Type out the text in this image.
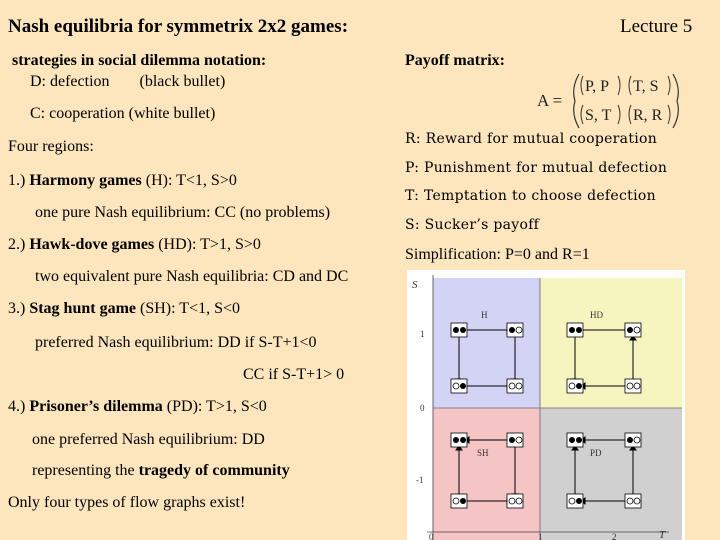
Nash equilibria for symmetrix 2x2 games:	Lecture 5
strategies in social dilemma notation:
D: defection (black bullet)
C: cooperation (white bullet)
Four regions:
1.) Harmony games (H): T<1, S>0
one pure Nash equilibrium: CC (no problems)
2.) Hawk-dove games (HD): T>1, S>0
two equivalent pure Nash equilibria: CD and DC
3.) Stag hunt game (SH): T<1, S<0
preferred Nash equilibrium: DD if S-T+1<0
CC if S-T+1> 0
4.) Prisoner’s dilemma (PD): T>1, S<0
one preferred Nash equilibrium: DD
representing the tragedy of community
Only four types of flow graphs exist!
Payoff matrix:
A =
P, P T, S
S, T R, R
R: Reward for mutual cooperation
P: Punishment for mutual defection
T: Temptation to choose defection
S: Sucker’s payoff
Simplification: P=0 and R=1
S
T
1
0
-1
0	1	2
H	HD
SH	PD
